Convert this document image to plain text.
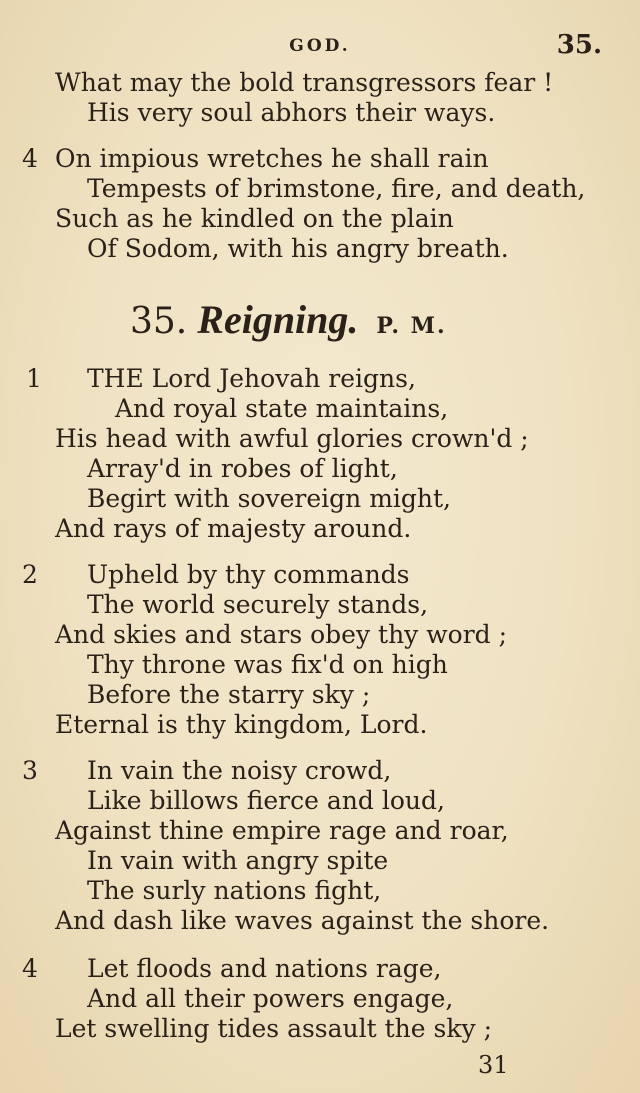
GOD.	35.
What may the bold transgressors fear !
His very soul abhors their ways.
4 On impious wretches he shall rain
Tempests of brimstone, fire, and death,
Such as he kindled on the plain
Of Sodom, with his angry breath.
35. Reigning. P. M.
1 THE Lord Jehovah reigns,
And royal state maintains,
His head with awful glories crown'd ;
Array'd in robes of light,
Begirt with sovereign might,
And rays of majesty around.
2 Upheld by thy commands
The world securely stands,
And skies and stars obey thy word ;
Thy throne was fix'd on high
Before the starry sky ;
Eternal is thy kingdom, Lord.
3 In vain the noisy crowd,
Like billows fierce and loud,
Against thine empire rage and roar,
In vain with angry spite
The surly nations fight,
And dash like waves against the shore.
4 Let floods and nations rage,
And all their powers engage,
Let swelling tides assault the sky ;
31
